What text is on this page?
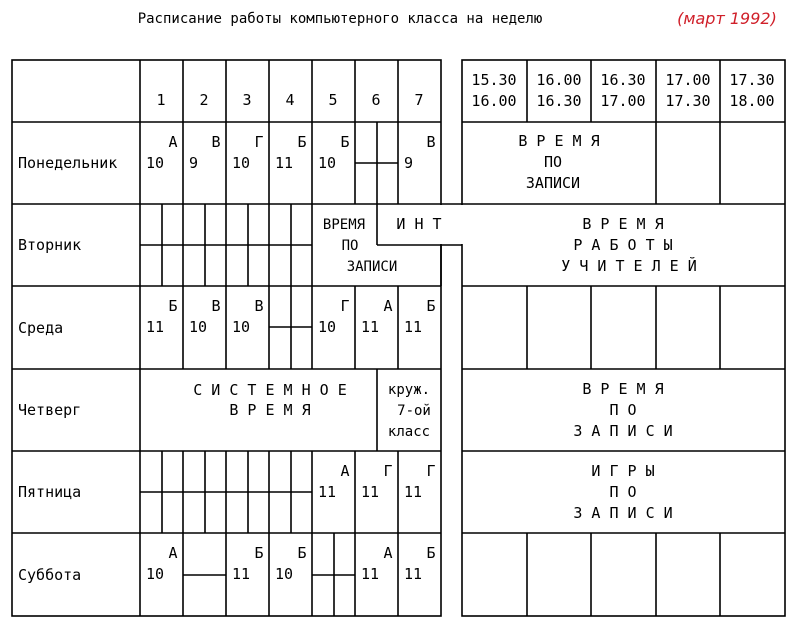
Расписание работы компьютерного класса на неделю	(март 1992)
1 2 3 4 5 6 7
15.30
16.00
16.00
16.30
16.30
17.00
17.00
17.30
17.30
18.00
Понедельник
Вторник
Среда
Четверг
Пятница
Суббота
А
10
В
9
Г
10
Б
11
Б
10
В
9
Б
11
В
10
В
10
Г
10
А
11
Б
11
А
11
Г
11
Г
11
А
10
Б
11
Б
10
А
11
Б
11
В Р Е М Я
ПО
ЗАПИСИ
ВРЕМЯ
ПО
ЗАПИСИ
И Н Т	В Р Е М Я
Р А Б О Т Ы
У Ч И Т Е Л Е Й
С И С Т Е М Н О Е
В Р Е М Я
круж.
7-ой
класс
В Р Е М Я
П О
З А П И С И
И Г Р Ы
П О
З А П И С И
